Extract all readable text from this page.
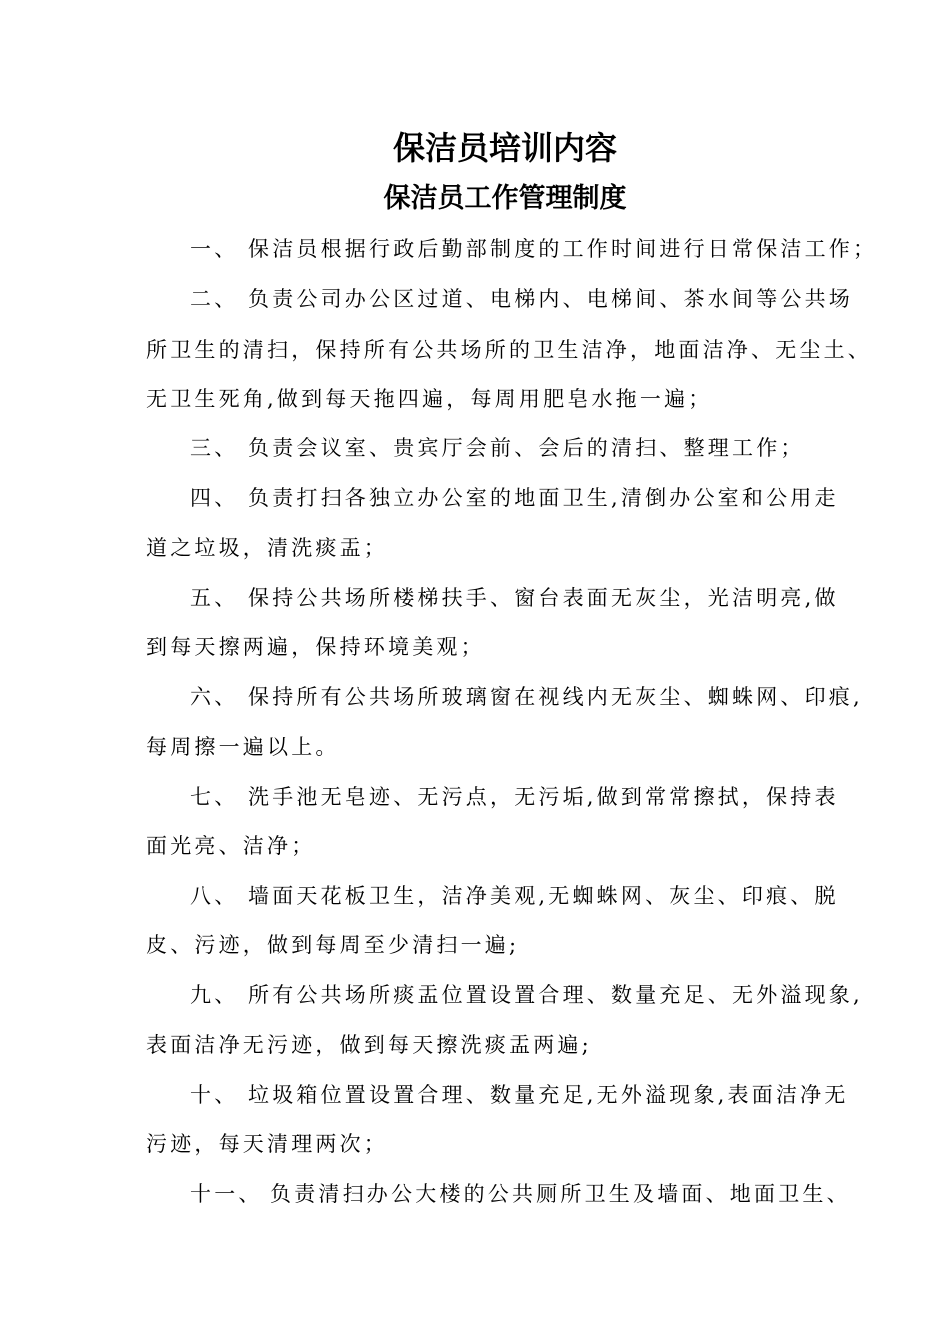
保洁员培训内容
保洁员工作管理制度
一、 保洁员根据行政后勤部制度的工作时间进行日常保洁工作；
二、 负责公司办公区过道、电梯内、电梯间、茶水间等公共场
所卫生的清扫，保持所有公共场所的卫生洁净，地面洁净、无尘土、
无卫生死角,做到每天拖四遍，每周用肥皂水拖一遍；
三、 负责会议室、贵宾厅会前、会后的清扫、整理工作；
四、 负责打扫各独立办公室的地面卫生,清倒办公室和公用走
道之垃圾，清洗痰盂；
五、 保持公共场所楼梯扶手、窗台表面无灰尘，光洁明亮,做
到每天擦两遍，保持环境美观；
六、 保持所有公共场所玻璃窗在视线内无灰尘、蜘蛛网、印痕,
每周擦一遍以上。
七、 洗手池无皂迹、无污点，无污垢,做到常常擦拭，保持表
面光亮、洁净；
八、 墙面天花板卫生，洁净美观,无蜘蛛网、灰尘、印痕、脱
皮、污迹，做到每周至少清扫一遍;
九、 所有公共场所痰盂位置设置合理、数量充足、无外溢现象,
表面洁净无污迹，做到每天擦洗痰盂两遍;
十、 垃圾箱位置设置合理、数量充足,无外溢现象,表面洁净无
污迹，每天清理两次；
十一、 负责清扫办公大楼的公共厕所卫生及墙面、地面卫生、
